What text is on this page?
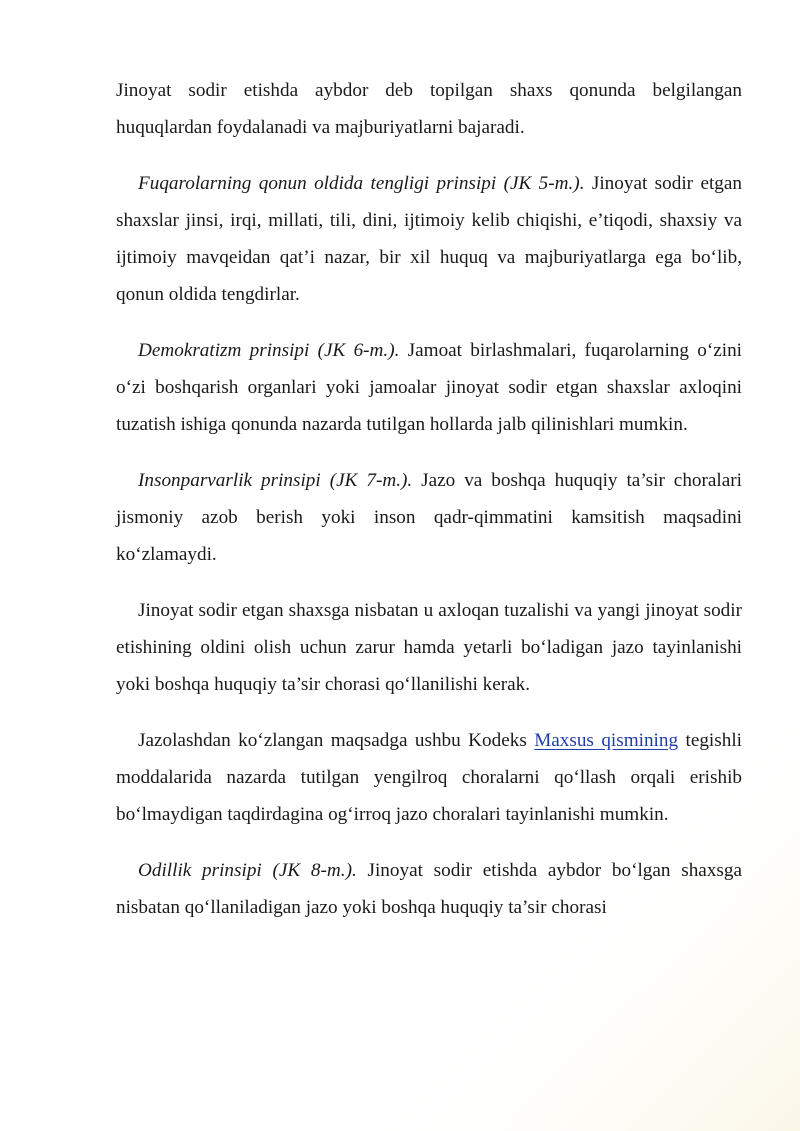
Jinoyat sodir etishda aybdor deb topilgan shaxs qonunda belgilangan huquqlardan foydalanadi va majburiyatlarni bajaradi.

Fuqarolarning qonun oldida tengligi prinsipi (JK 5-m.). Jinoyat sodir etgan shaxslar jinsi, irqi, millati, tili, dini, ijtimoiy kelib chiqishi, e’tiqodi, shaxsiy va ijtimoiy mavqeidan qat’i nazar, bir xil huquq va majburiyatlarga ega bo‘lib, qonun oldida tengdirlar.

Demokratizm prinsipi (JK 6-m.). Jamoat birlashmalari, fuqarolarning o‘zini o‘zi boshqarish organlari yoki jamoalar jinoyat sodir etgan shaxslar axloqini tuzatish ishiga qonunda nazarda tutilgan hollarda jalb qilinishlari mumkin.

Insonparvarlik prinsipi (JK 7-m.). Jazo va boshqa huquqiy ta’sir choralari jismoniy azob berish yoki inson qadr-qimmatini kamsitish maqsadini ko‘zlamaydi.

Jinoyat sodir etgan shaxsga nisbatan u axloqan tuzalishi va yangi jinoyat sodir etishining oldini olish uchun zarur hamda yetarli bo‘ladigan jazo tayinlanishi yoki boshqa huquqiy ta’sir chorasi qo‘llanilishi kerak.

Jazolashdan ko‘zlangan maqsadga ushbu Kodeks Maxsus qismining tegishli moddalarida nazarda tutilgan yengilroq choralarni qo‘llash orqali erishib bo‘lmaydigan taqdirdagina og‘irroq jazo choralari tayinlanishi mumkin.

Odillik prinsipi (JK 8-m.). Jinoyat sodir etishda aybdor bo‘lgan shaxsga nisbatan qo‘llaniladigan jazo yoki boshqa huquqiy ta’sir chorasi
